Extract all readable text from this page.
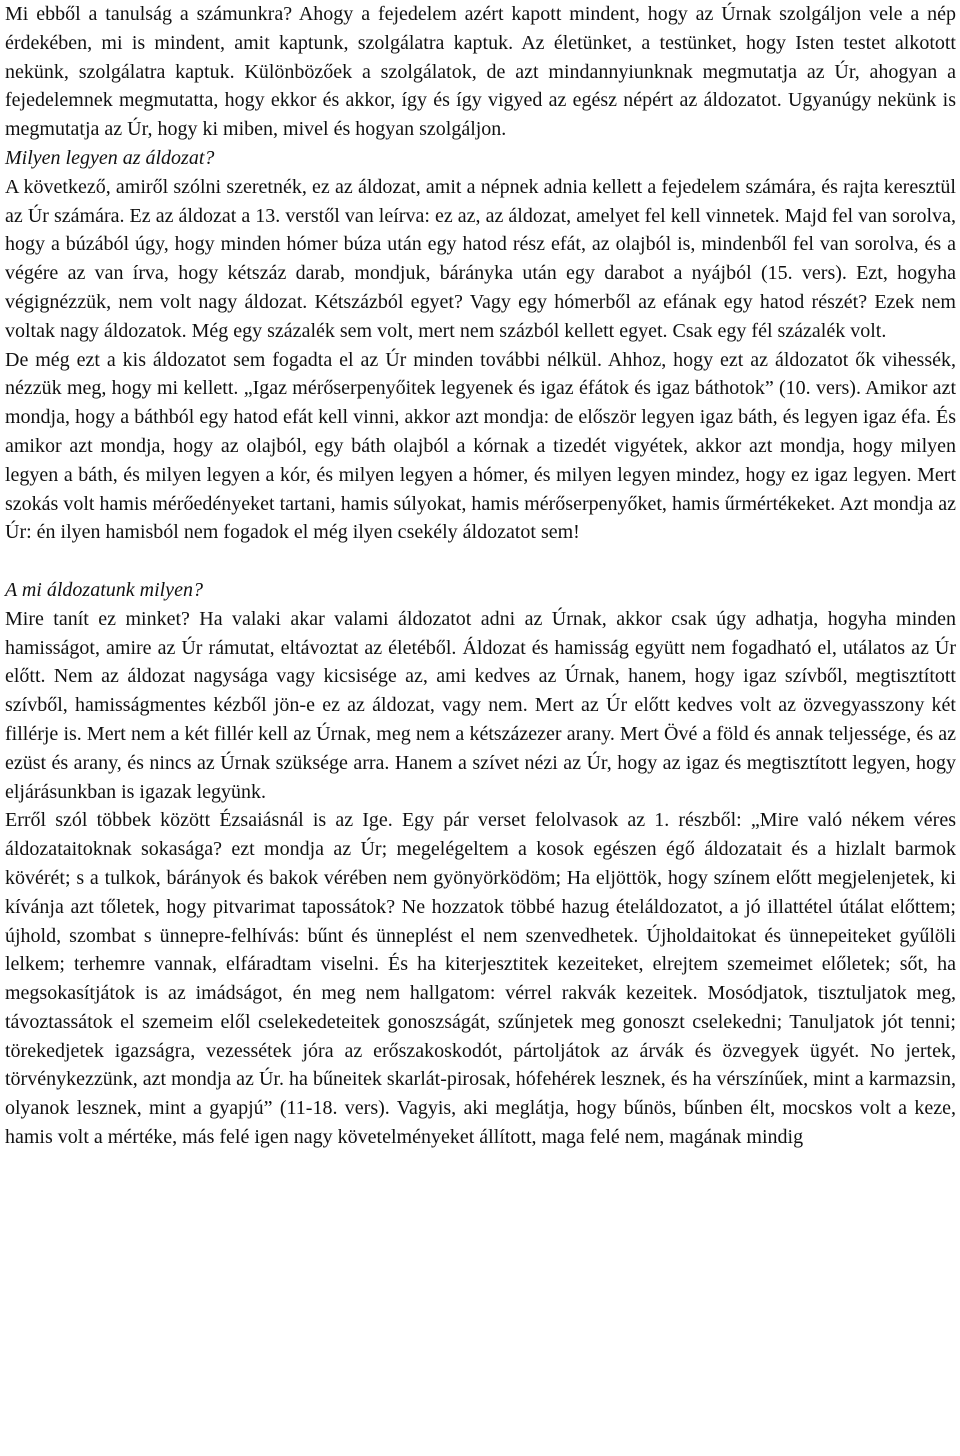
Mi ebből a tanulság a számunkra? Ahogy a fejedelem azért kapott mindent, hogy az Úrnak szolgáljon vele a nép érdekében, mi is mindent, amit kaptunk, szolgálatra kaptuk. Az életünket, a testünket, hogy Isten testet alkotott nekünk, szolgálatra kaptuk. Különbözőek a szolgálatok, de azt mindannyiunknak megmutatja az Úr, ahogyan a fejedelemnek megmutatta, hogy ekkor és akkor, így és így vigyed az egész népért az áldozatot. Ugyanúgy nekünk is megmutatja az Úr, hogy ki miben, mivel és hogyan szolgáljon.

Milyen legyen az áldozat?

A következő, amiről szólni szeretnék, ez az áldozat, amit a népnek adnia kellett a fejedelem számára, és rajta keresztül az Úr számára. Ez az áldozat a 13. verstől van leírva: ez az, az áldozat, amelyet fel kell vinnetek. Majd fel van sorolva, hogy a búzából úgy, hogy minden hómer búza után egy hatod rész efát, az olajból is, mindenből fel van sorolva, és a végére az van írva, hogy kétszáz darab, mondjuk, bárányka után egy darabot a nyájból (15. vers). Ezt, hogyha végignézzük, nem volt nagy áldozat. Kétszázból egyet? Vagy egy hómerből az efának egy hatod részét? Ezek nem voltak nagy áldozatok. Még egy százalék sem volt, mert nem százból kellett egyet. Csak egy fél százalék volt.

De még ezt a kis áldozatot sem fogadta el az Úr minden további nélkül. Ahhoz, hogy ezt az áldozatot ők vihessék, nézzük meg, hogy mi kellett. „Igaz mérőserpenyőitek legyenek és igaz éfátok és igaz báthotok” (10. vers). Amikor azt mondja, hogy a báthból egy hatod efát kell vinni, akkor azt mondja: de először legyen igaz báth, és legyen igaz éfa. És amikor azt mondja, hogy az olajból, egy báth olajból a kórnak a tizedét vigyétek, akkor azt mondja, hogy milyen legyen a báth, és milyen legyen a kór, és milyen legyen a hómer, és milyen legyen mindez, hogy ez igaz legyen. Mert szokás volt hamis mérőedényeket tartani, hamis súlyokat, hamis mérőserpenyőket, hamis űrmértékeket. Azt mondja az Úr: én ilyen hamisból nem fogadok el még ilyen csekély áldozatot sem!

A mi áldozatunk milyen?

Mire tanít ez minket? Ha valaki akar valami áldozatot adni az Úrnak, akkor csak úgy adhatja, hogyha minden hamisságot, amire az Úr rámutat, eltávoztat az életéből. Áldozat és hamisság együtt nem fogadható el, utálatos az Úr előtt. Nem az áldozat nagysága vagy kicsisége az, ami kedves az Úrnak, hanem, hogy igaz szívből, megtisztított szívből, hamisságmentes kézből jön-e ez az áldozat, vagy nem. Mert az Úr előtt kedves volt az özvegyasszony két fillérje is. Mert nem a két fillér kell az Úrnak, meg nem a kétszázezer arany. Mert Övé a föld és annak teljessége, és az ezüst és arany, és nincs az Úrnak szüksége arra. Hanem a szívet nézi az Úr, hogy az igaz és megtisztított legyen, hogy eljárásunkban is igazak legyünk.

Erről szól többek között Ézsaiásnál is az Ige. Egy pár verset felolvasok az 1. részből: „Mire való nékem véres áldozataitoknak sokasága? ezt mondja az Úr; megelégeltem a kosok egészen égő áldozatait és a hizlalt barmok kövérét; s a tulkok, bárányok és bakok vérében nem gyönyörködöm; Ha eljöttök, hogy színem előtt megjelenjetek, ki kívánja azt tőletek, hogy pitvarimat tapossátok? Ne hozzatok többé hazug ételáldozatot, a jó illattétel útálat előttem; újhold, szombat s ünnepre-felhívás: bűnt és ünneplést el nem szenvedhetek. Újholdaitokat és ünnepeiteket gyűlöli lelkem; terhemre vannak, elfáradtam viselni. És ha kiterjesztitek kezeiteket, elrejtem szemeimet előletek; sőt, ha megsokasítjátok is az imádságot, én meg nem hallgatom: vérrel rakvák kezeitek. Mosódjatok, tisztuljatok meg, távoztassátok el szemeim elől cselekedeteitek gonoszságát, szűnjetek meg gonoszt cselekedni; Tanuljatok jót tenni; törekedjetek igazságra, vezessétek jóra az erőszakoskodót, pártoljátok az árvák és özvegyek ügyét. No jertek, törvénykezzünk, azt mondja az Úr. ha bűneitek skarlát-pirosak, hófehérek lesznek, és ha vérszínűek, mint a karmazsin, olyanok lesznek, mint a gyapjú” (11-18. vers). Vagyis, aki meglátja, hogy bűnös, bűnben élt, mocskos volt a keze, hamis volt a mértéke, más felé igen nagy követelményeket állított, maga felé nem, magának mindig
